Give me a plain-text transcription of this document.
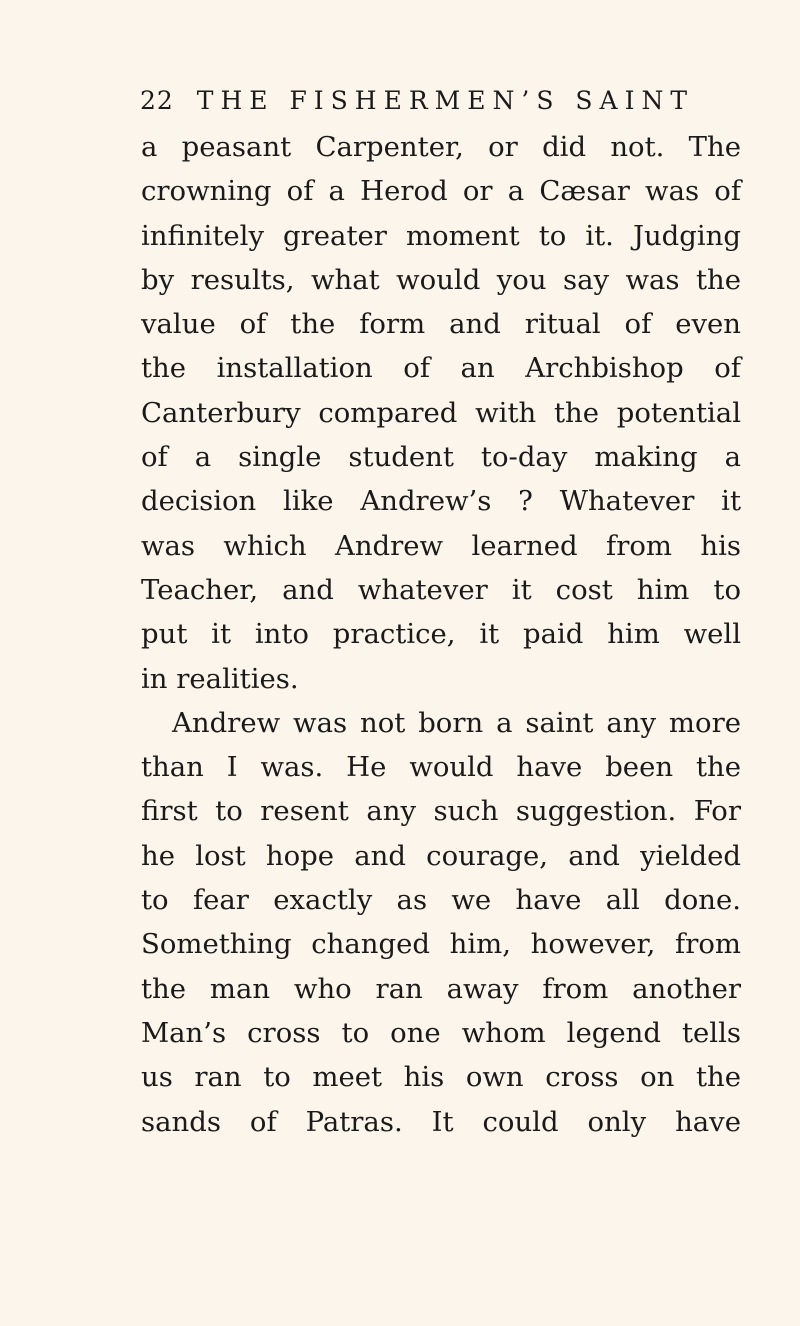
22 THE FISHERMEN’S SAINT
a peasant Carpenter, or did not. The
crowning of a Herod or a Cæsar was of
infinitely greater moment to it. Judging
by results, what would you say was the
value of the form and ritual of even
the installation of an Archbishop of
Canterbury compared with the potential
of a single student to-day making a
decision like Andrew’s ? Whatever it
was which Andrew learned from his
Teacher, and whatever it cost him to
put it into practice, it paid him well
in realities.
Andrew was not born a saint any more
than I was. He would have been the
first to resent any such suggestion. For
he lost hope and courage, and yielded
to fear exactly as we have all done.
Something changed him, however, from
the man who ran away from another
Man’s cross to one whom legend tells
us ran to meet his own cross on the
sands of Patras. It could only have
